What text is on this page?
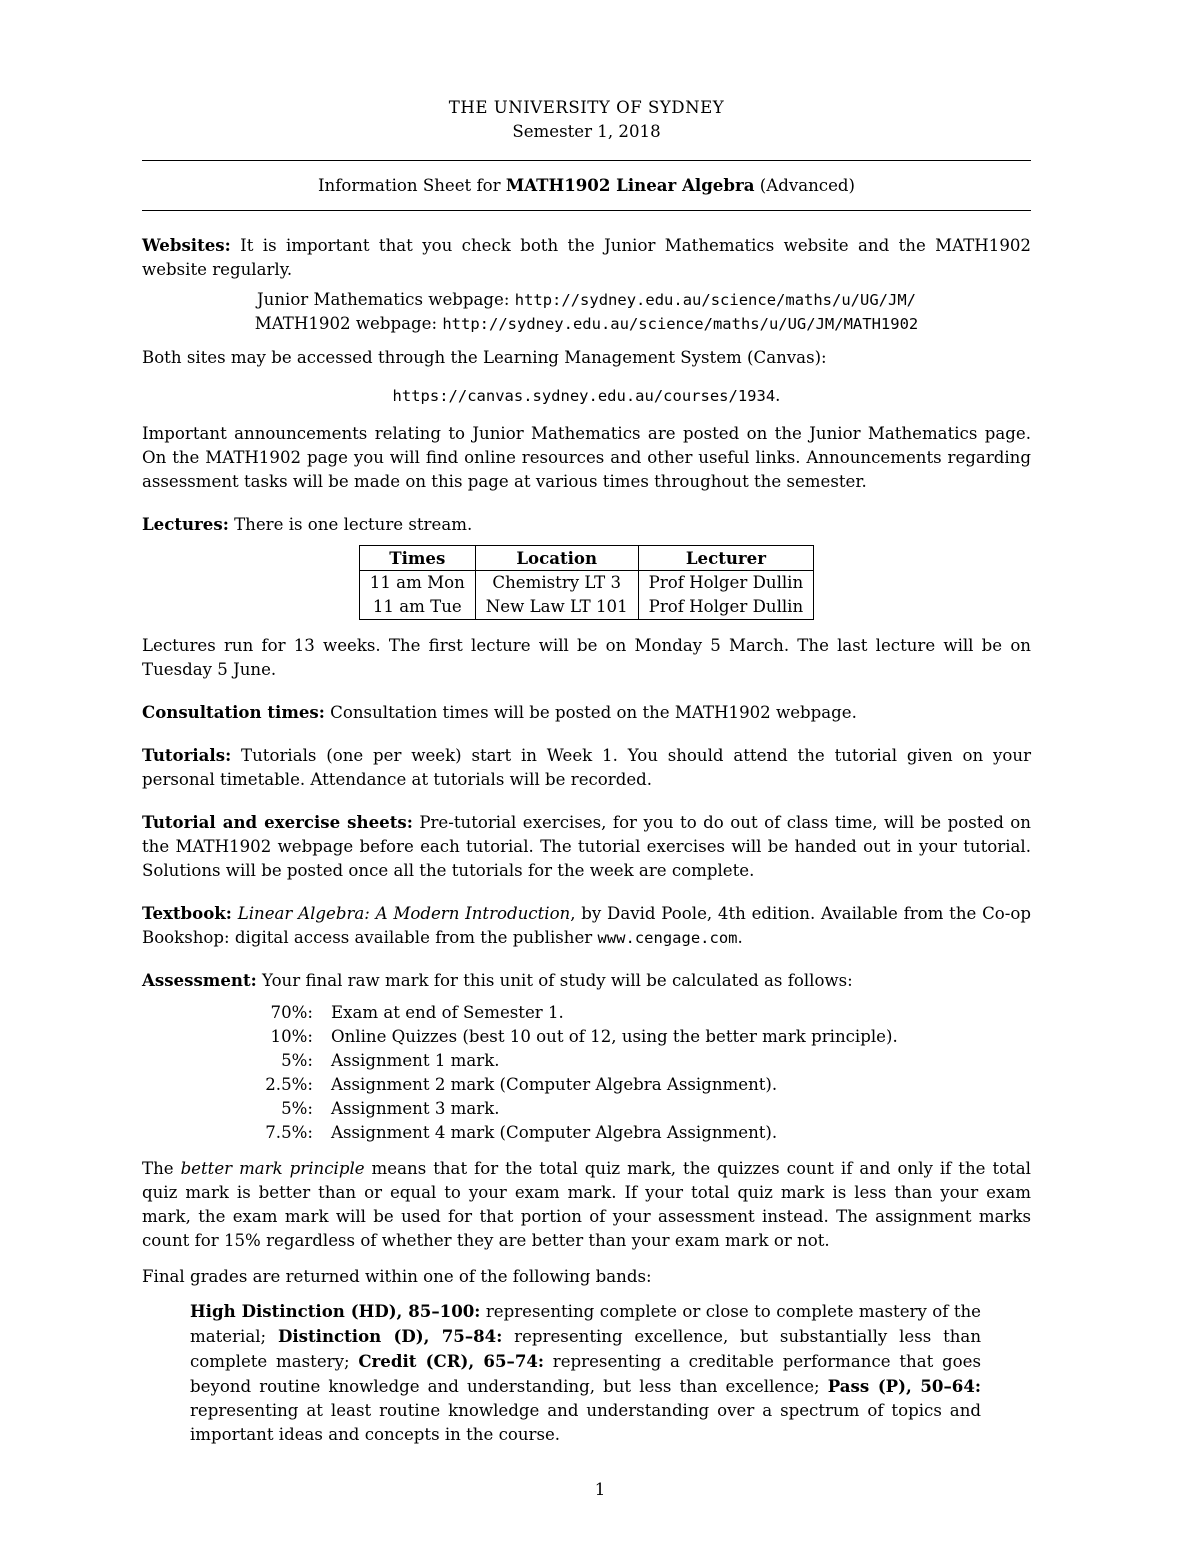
THE UNIVERSITY OF SYDNEY

Semester 1, 2018

Information Sheet for MATH1902 Linear Algebra (Advanced)

Websites: It is important that you check both the Junior Mathematics website and the MATH1902 website regularly.

Junior Mathematics webpage: http://sydney.edu.au/science/maths/u/UG/JM/
MATH1902 webpage: http://sydney.edu.au/science/maths/u/UG/JM/MATH1902

Both sites may be accessed through the Learning Management System (Canvas):

https://canvas.sydney.edu.au/courses/1934.

Important announcements relating to Junior Mathematics are posted on the Junior Mathematics page. On the MATH1902 page you will find online resources and other useful links. Announcements regarding assessment tasks will be made on this page at various times throughout the semester.

Lectures: There is one lecture stream.

Times	Location	Lecturer
11 am Mon	Chemistry LT 3	Prof Holger Dullin
11 am Tue	New Law LT 101	Prof Holger Dullin

Lectures run for 13 weeks. The first lecture will be on Monday 5 March. The last lecture will be on Tuesday 5 June.

Consultation times: Consultation times will be posted on the MATH1902 webpage.

Tutorials: Tutorials (one per week) start in Week 1. You should attend the tutorial given on your personal timetable. Attendance at tutorials will be recorded.

Tutorial and exercise sheets: Pre-tutorial exercises, for you to do out of class time, will be posted on the MATH1902 webpage before each tutorial. The tutorial exercises will be handed out in your tutorial. Solutions will be posted once all the tutorials for the week are complete.

Textbook: Linear Algebra: A Modern Introduction, by David Poole, 4th edition. Available from the Co-op Bookshop: digital access available from the publisher www.cengage.com.

Assessment: Your final raw mark for this unit of study will be calculated as follows:

70%:	Exam at end of Semester 1.
10%:	Online Quizzes (best 10 out of 12, using the better mark principle).
5%:	Assignment 1 mark.
2.5%:	Assignment 2 mark (Computer Algebra Assignment).
5%:	Assignment 3 mark.
7.5%:	Assignment 4 mark (Computer Algebra Assignment).

The better mark principle means that for the total quiz mark, the quizzes count if and only if the total quiz mark is better than or equal to your exam mark. If your total quiz mark is less than your exam mark, the exam mark will be used for that portion of your assessment instead. The assignment marks count for 15% regardless of whether they are better than your exam mark or not.

Final grades are returned within one of the following bands:

High Distinction (HD), 85–100: representing complete or close to complete mastery of the material; Distinction (D), 75–84: representing excellence, but substantially less than complete mastery; Credit (CR), 65–74: representing a creditable performance that goes beyond routine knowledge and understanding, but less than excellence; Pass (P), 50–64: representing at least routine knowledge and understanding over a spectrum of topics and important ideas and concepts in the course.

1
